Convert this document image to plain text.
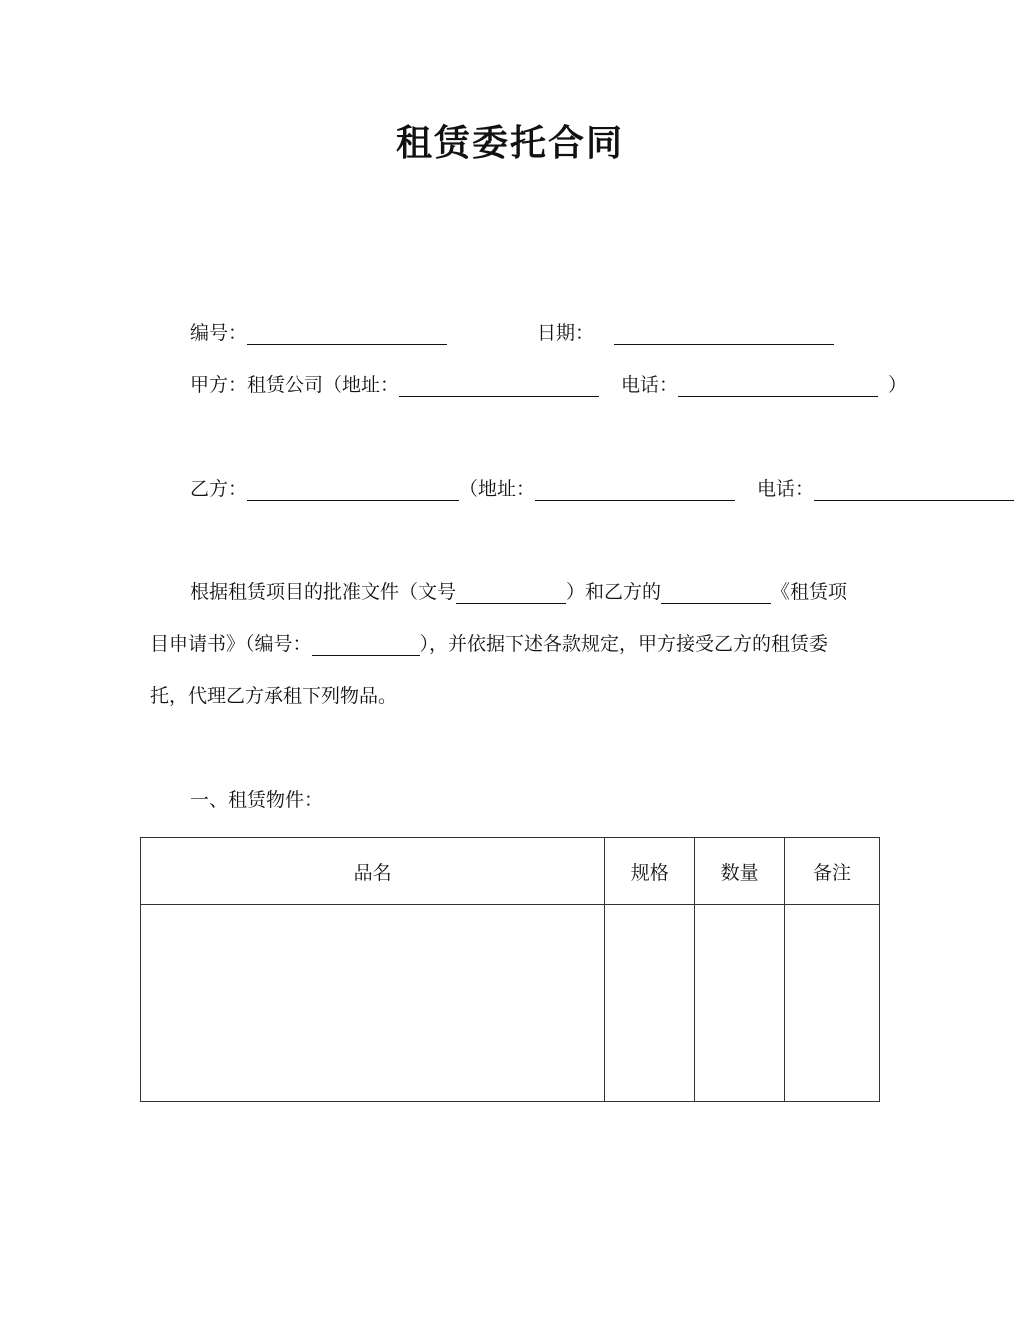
租赁委托合同
编号：	日期：
甲方：租赁公司（地址：	电话：	）
乙方：	（地址：	电话：
根据租赁项目的批准文件（文号	）和乙方的	《租赁项
目申请书》（编号：	），并依据下述各款规定，甲方接受乙方的租赁委
托，代理乙方承租下列物品。
一、租赁物件：
品名	规格	数量	备注
